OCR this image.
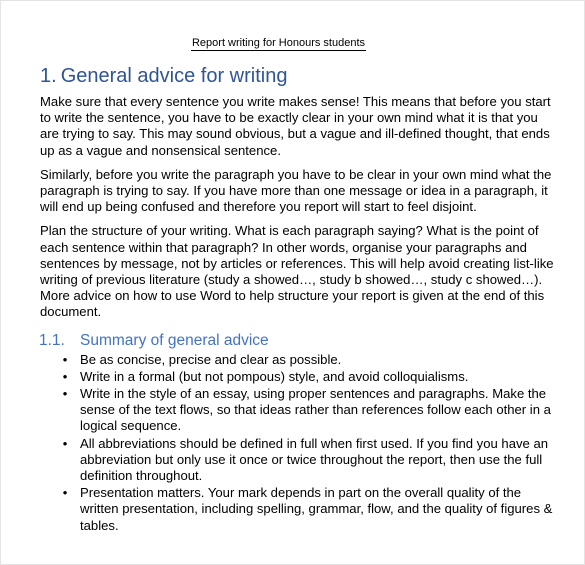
Report writing for Honours students
1. General advice for writing

Make sure that every sentence you write makes sense! This means that before you start to write the sentence, you have to be exactly clear in your own mind what it is that you are trying to say. This may sound obvious, but a vague and ill-defined thought, that ends up as a vague and nonsensical sentence.

Similarly, before you write the paragraph you have to be clear in your own mind what the paragraph is trying to say. If you have more than one message or idea in a paragraph, it will end up being confused and therefore you report will start to feel disjoint.

Plan the structure of your writing. What is each paragraph saying? What is the point of each sentence within that paragraph? In other words, organise your paragraphs and sentences by message, not by articles or references. This will help avoid creating list-like writing of previous literature (study a showed…, study b showed…, study c showed…). More advice on how to use Word to help structure your report is given at the end of this document.

1.1. Summary of general advice
• Be as concise, precise and clear as possible.
• Write in a formal (but not pompous) style, and avoid colloquialisms.
• Write in the style of an essay, using proper sentences and paragraphs. Make the sense of the text flows, so that ideas rather than references follow each other in a logical sequence.
• All abbreviations should be defined in full when first used. If you find you have an abbreviation but only use it once or twice throughout the report, then use the full definition throughout.
• Presentation matters. Your mark depends in part on the overall quality of the written presentation, including spelling, grammar, flow, and the quality of figures & tables.
